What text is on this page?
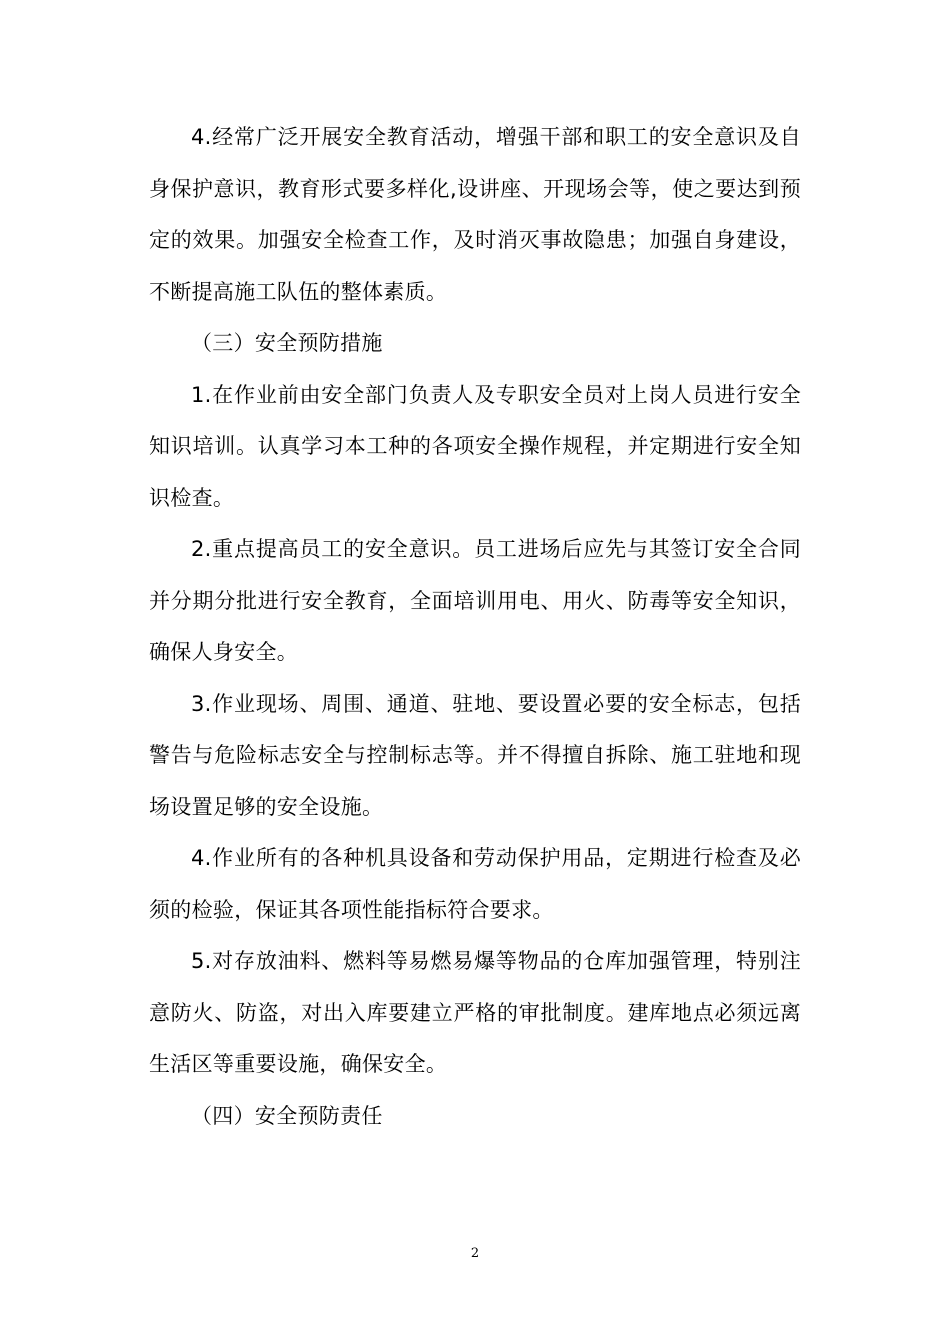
4.经常广泛开展安全教育活动，增强干部和职工的安全意识及自身保护意识，教育形式要多样化,设讲座、开现场会等，使之要达到预定的效果。加强安全检查工作，及时消灭事故隐患；加强自身建设，不断提高施工队伍的整体素质。

（三）安全预防措施

1.在作业前由安全部门负责人及专职安全员对上岗人员进行安全知识培训。认真学习本工种的各项安全操作规程，并定期进行安全知识检查。

2.重点提高员工的安全意识。员工进场后应先与其签订安全合同并分期分批进行安全教育，全面培训用电、用火、防毒等安全知识，确保人身安全。

3.作业现场、周围、通道、驻地、要设置必要的安全标志，包括警告与危险标志安全与控制标志等。并不得擅自拆除、施工驻地和现场设置足够的安全设施。

4.作业所有的各种机具设备和劳动保护用品，定期进行检查及必须的检验，保证其各项性能指标符合要求。

5.对存放油料、燃料等易燃易爆等物品的仓库加强管理，特别注意防火、防盗，对出入库要建立严格的审批制度。建库地点必须远离生活区等重要设施，确保安全。

（四）安全预防责任

2
